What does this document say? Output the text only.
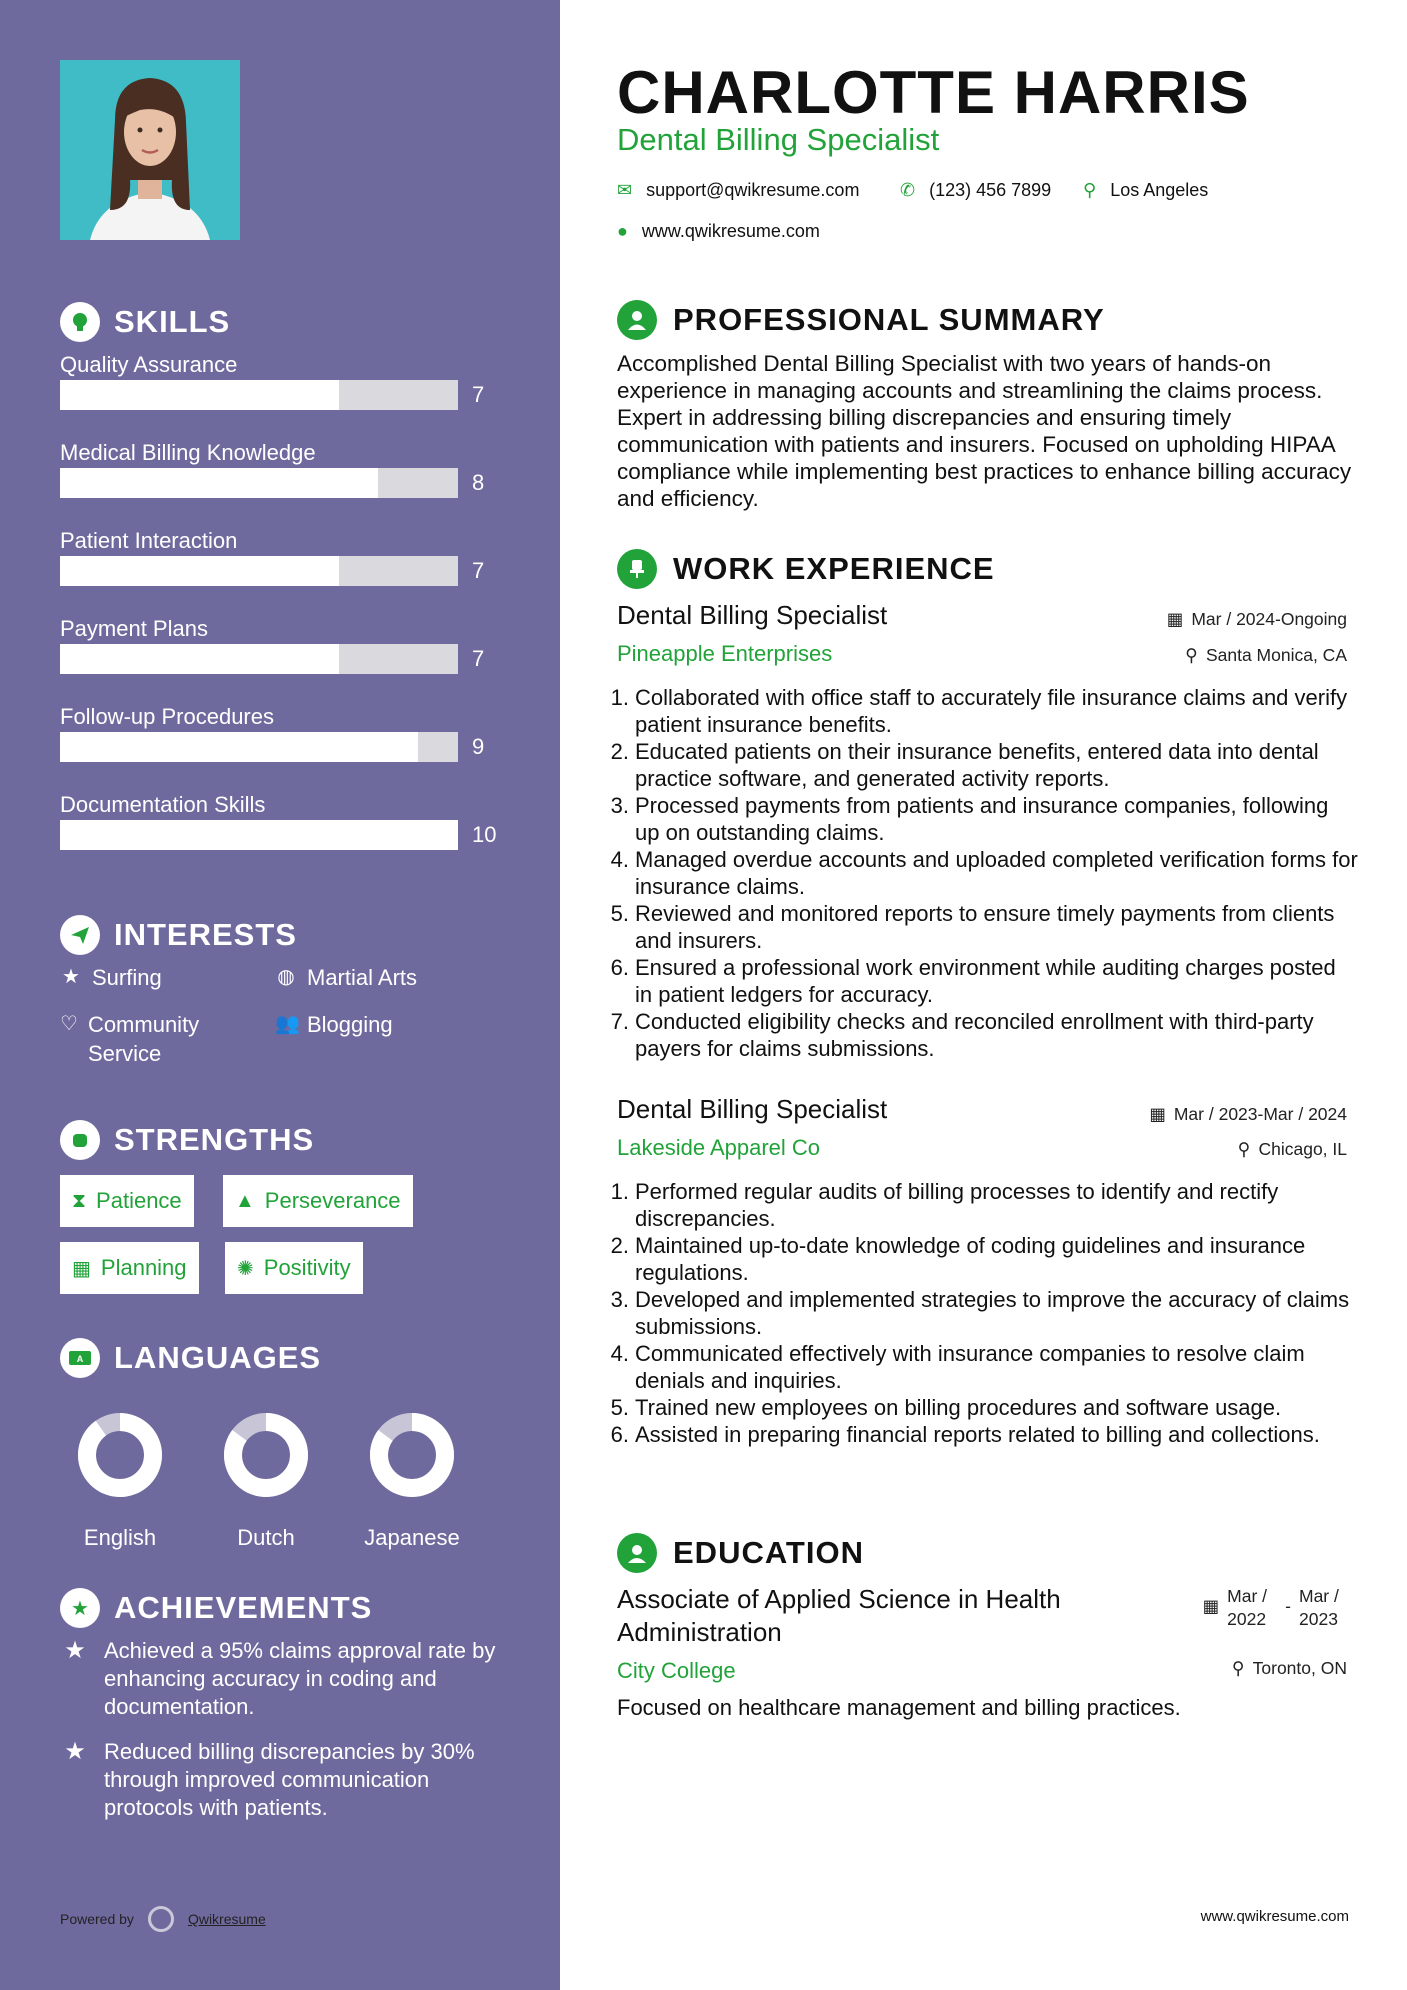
SKILLS
Quality Assurance
7
Medical Billing Knowledge
8
Patient Interaction
7
Payment Plans
7
Follow-up Procedures
9
Documentation Skills
10
INTERESTS
★ Surfing	◍ Martial Arts
♡ Community Service
👥 Blogging
STRENGTHS
⧗ Patience	▲ Perseverance
▦ Planning	✺ Positivity
A LANGUAGES
English	Dutch	Japanese
★ ACHIEVEMENTS
★ Achieved a 95% claims approval rate by enhancing accuracy in coding and documentation.
★ Reduced billing discrepancies by 30% through improved communication protocols with patients.
Powered by	Qwikresume
CHARLOTTE HARRIS
Dental Billing Specialist
✉ support@qwikresume.com ✆ (123) 456 7899 ⚲ Los Angeles
● www.qwikresume.com
PROFESSIONAL SUMMARY

Accomplished Dental Billing Specialist with two years of hands-on experience in managing accounts and streamlining the claims process. Expert in addressing billing discrepancies and ensuring timely communication with patients and insurers. Focused on upholding HIPAA compliance while implementing best practices to enhance billing accuracy and efficiency.

WORK EXPERIENCE
Dental Billing Specialist	▦ Mar / 2024-Ongoing
Pineapple Enterprises	⚲ Santa Monica, CA
1. Collaborated with office staff to accurately file insurance claims and verify patient insurance benefits.
2. Educated patients on their insurance benefits, entered data into dental practice software, and generated activity reports.
3. Processed payments from patients and insurance companies, following up on outstanding claims.
4. Managed overdue accounts and uploaded completed verification forms for insurance claims.
5. Reviewed and monitored reports to ensure timely payments from clients and insurers.
6. Ensured a professional work environment while auditing charges posted in patient ledgers for accuracy.
7. Conducted eligibility checks and reconciled enrollment with third-party payers for claims submissions.
Dental Billing Specialist	▦ Mar / 2023-Mar / 2024
Lakeside Apparel Co	⚲ Chicago, IL
1. Performed regular audits of billing processes to identify and rectify discrepancies.
2. Maintained up-to-date knowledge of coding guidelines and insurance regulations.
3. Developed and implemented strategies to improve the accuracy of claims submissions.
4. Communicated effectively with insurance companies to resolve claim denials and inquiries.
5. Trained new employees on billing procedures and software usage.
6. Assisted in preparing financial reports related to billing and collections.
EDUCATION
Associate of Applied Science in Health Administration
▦ Mar / 2022
- Mar / 2023
City College	⚲ Toronto, ON
Focused on healthcare management and billing practices.
www.qwikresume.com
